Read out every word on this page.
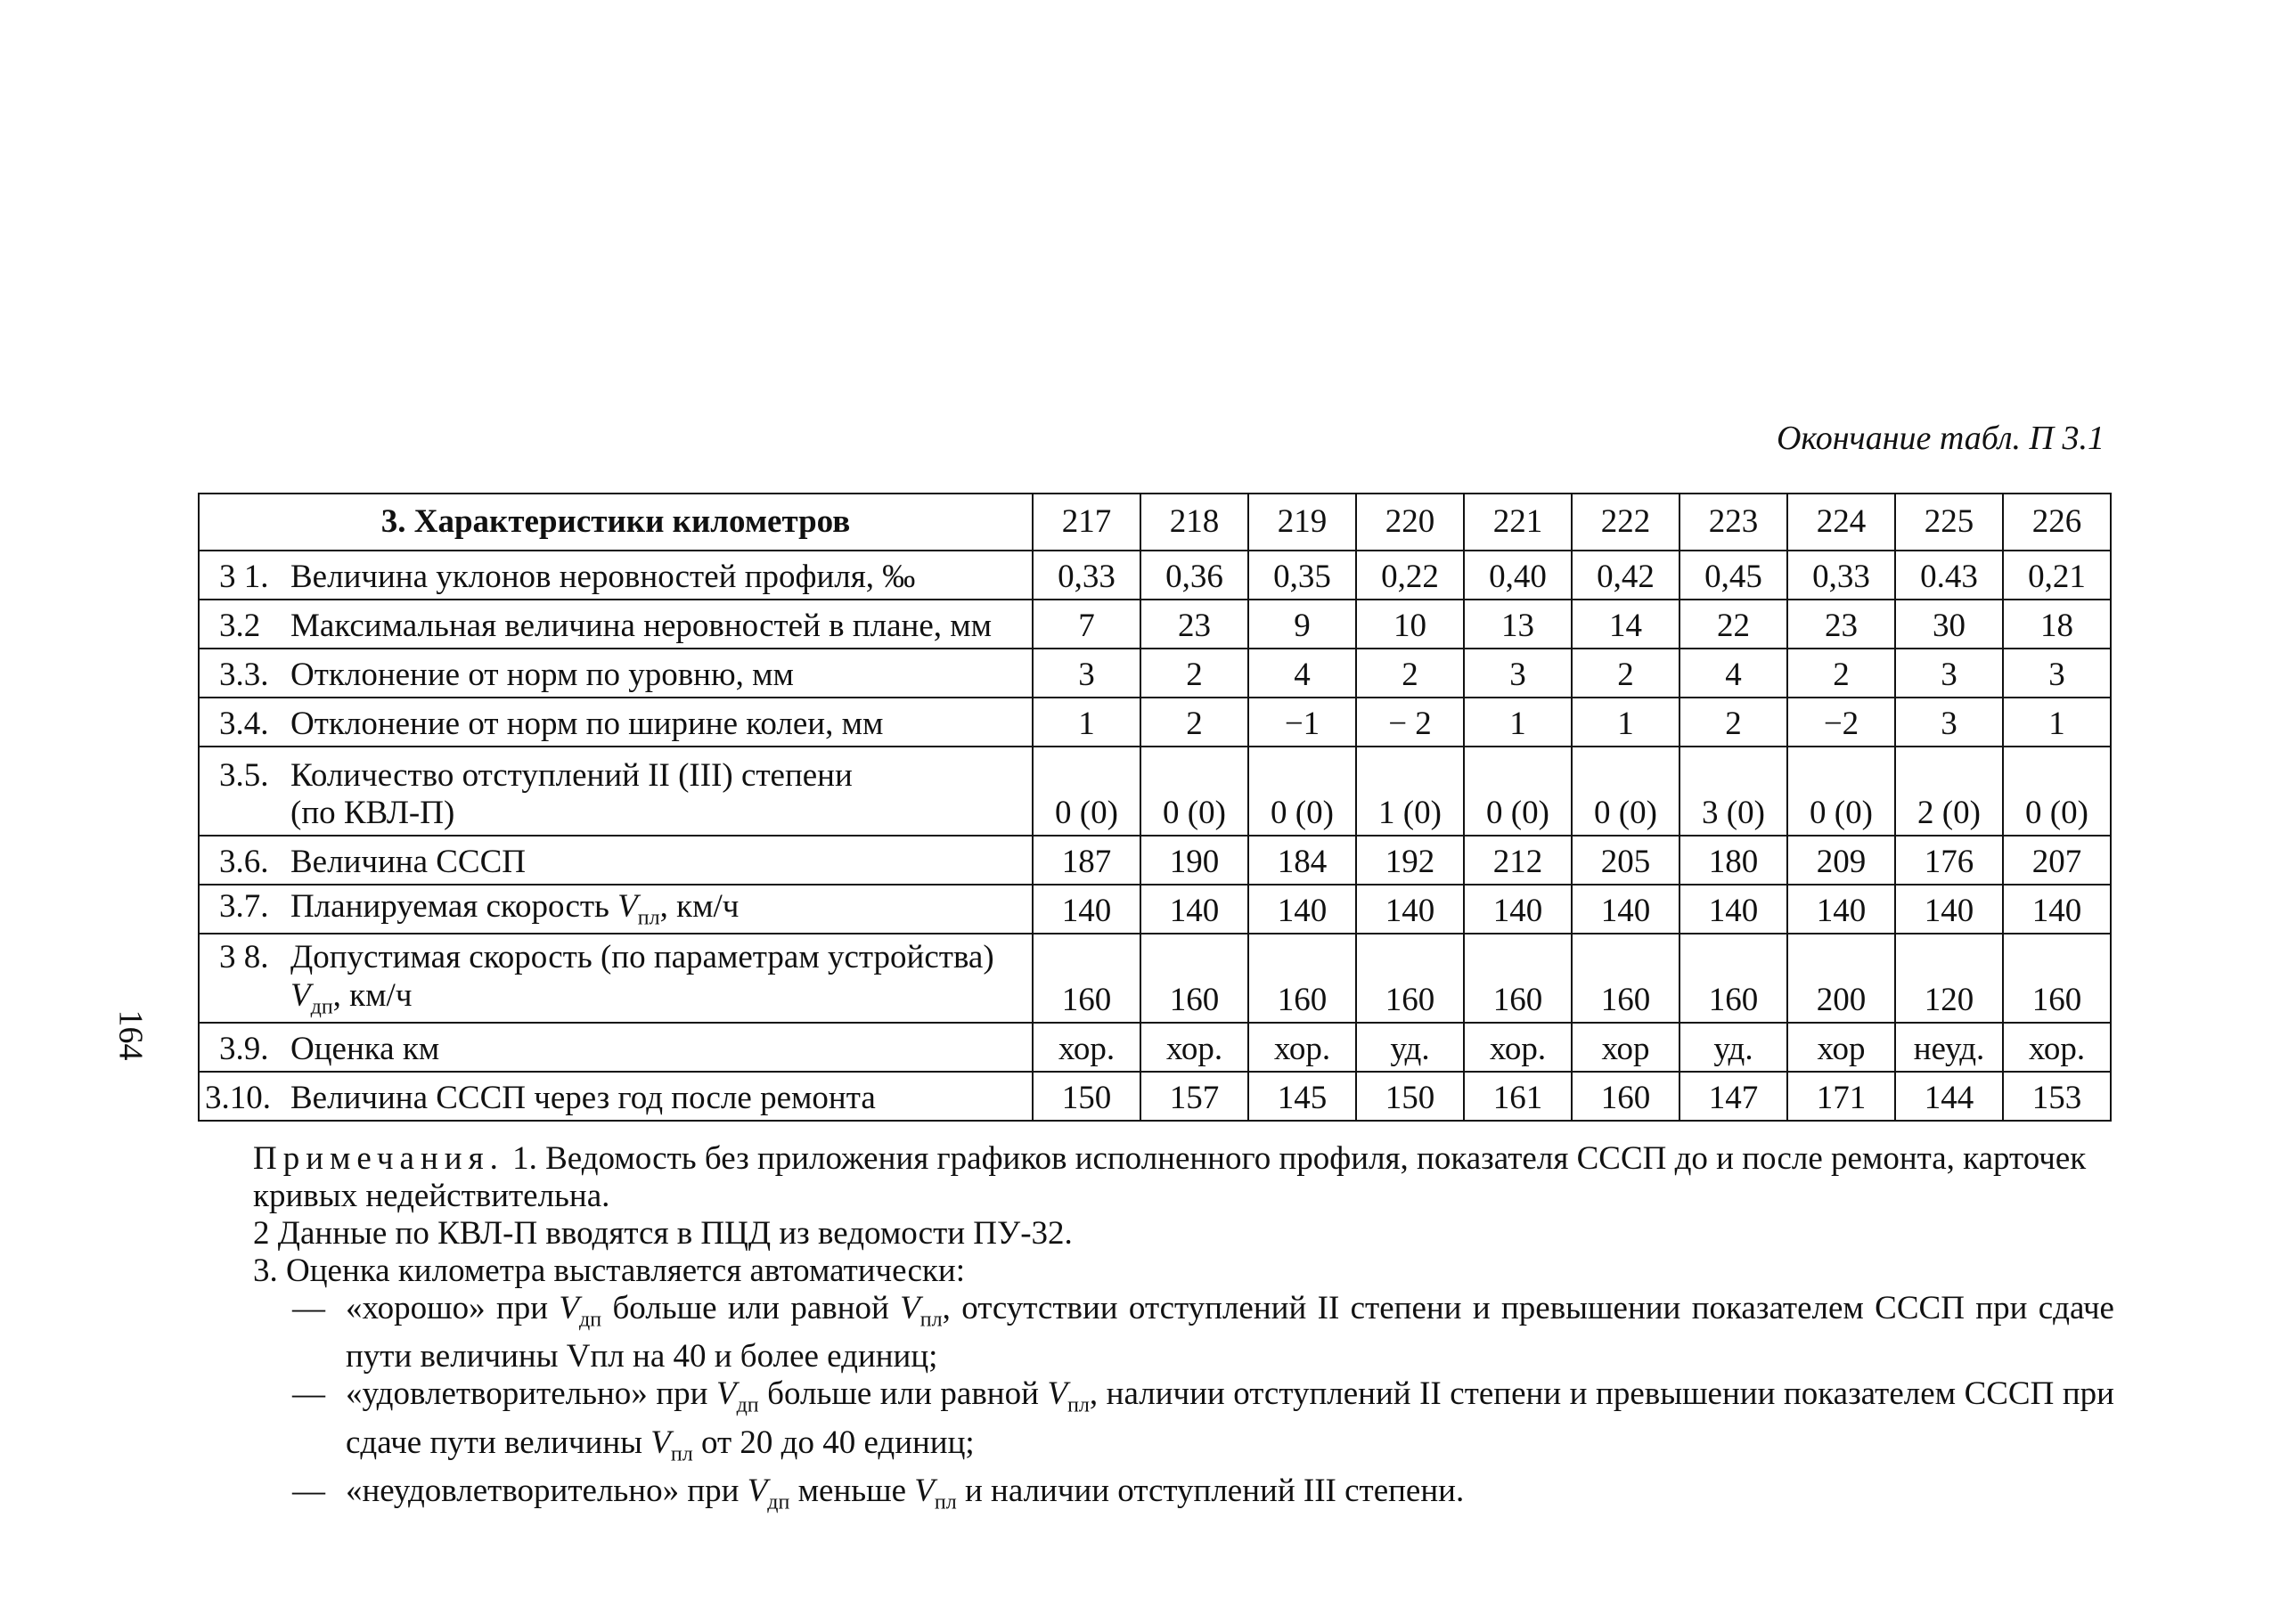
Окончание табл. П 3.1
164
3. Характеристики километров	217	218	219	220	221	222	223	224	225	226
3 1. Величина уклонов неровностей профиля, ‰	0,33	0,36	0,35	0,22	0,40	0,42	0,45	0,33	0.43	0,21
3.2 Максимальная величина неровностей в плане, мм	7	23	9	10	13	14	22	23	30	18
3.3. Отклонение от норм по уровню, мм	3	2	4	2	3	2	4	2	3	3
3.4. Отклонение от норм по ширине колеи, мм	1	2	−1	− 2	1	1	2	−2	3	1
3.5. Количество отступлений II (III) степени
(по КВЛ-П)	0 (0)	0 (0)	0 (0)	1 (0)	0 (0)	0 (0)	3 (0)	0 (0)	2 (0)	0 (0)
3.6. Величина СССП	187	190	184	192	212	205	180	209	176	207
3.7. Планируемая скорость $V_{пл}$, км/ч	140	140	140	140	140	140	140	140	140	140
3 8. Допустимая скорость (по параметрам устройства)
$V_{дп}$, км/ч	160	160	160	160	160	160	160	200	120	160
3.9. Оценка км	хор.	хор.	хор.	уд.	хор.	хор	уд.	хор	неуд.	хор.
3.10. Величина СССП через год после ремонта	150	157	145	150	161	160	147	171	144	153

Примечания. 1. Ведомость без приложения графиков исполненного профиля, показателя СССП до и после ремонта, карточек кривых недействительна.

2 Данные по КВЛ-П вводятся в ПЦД из ведомости ПУ-32.

3. Оценка километра выставляется автоматически:

— «хорошо» при $V_{дп}$ больше или равной $V_{пл}$, отсутствии отступлений II степени и превышении показателем СССП при сдаче пути величины Vпл на 40 и более единиц;
— «удовлетворительно» при $V_{дп}$ больше или равной $V_{пл}$, наличии отступлений II степени и превышении показателем СССП при сдаче пути величины $V_{пл}$ от 20 до 40 единиц;
— «неудовлетворительно» при $V_{дп}$ меньше $V_{пл}$ и наличии отступлений III степени.
